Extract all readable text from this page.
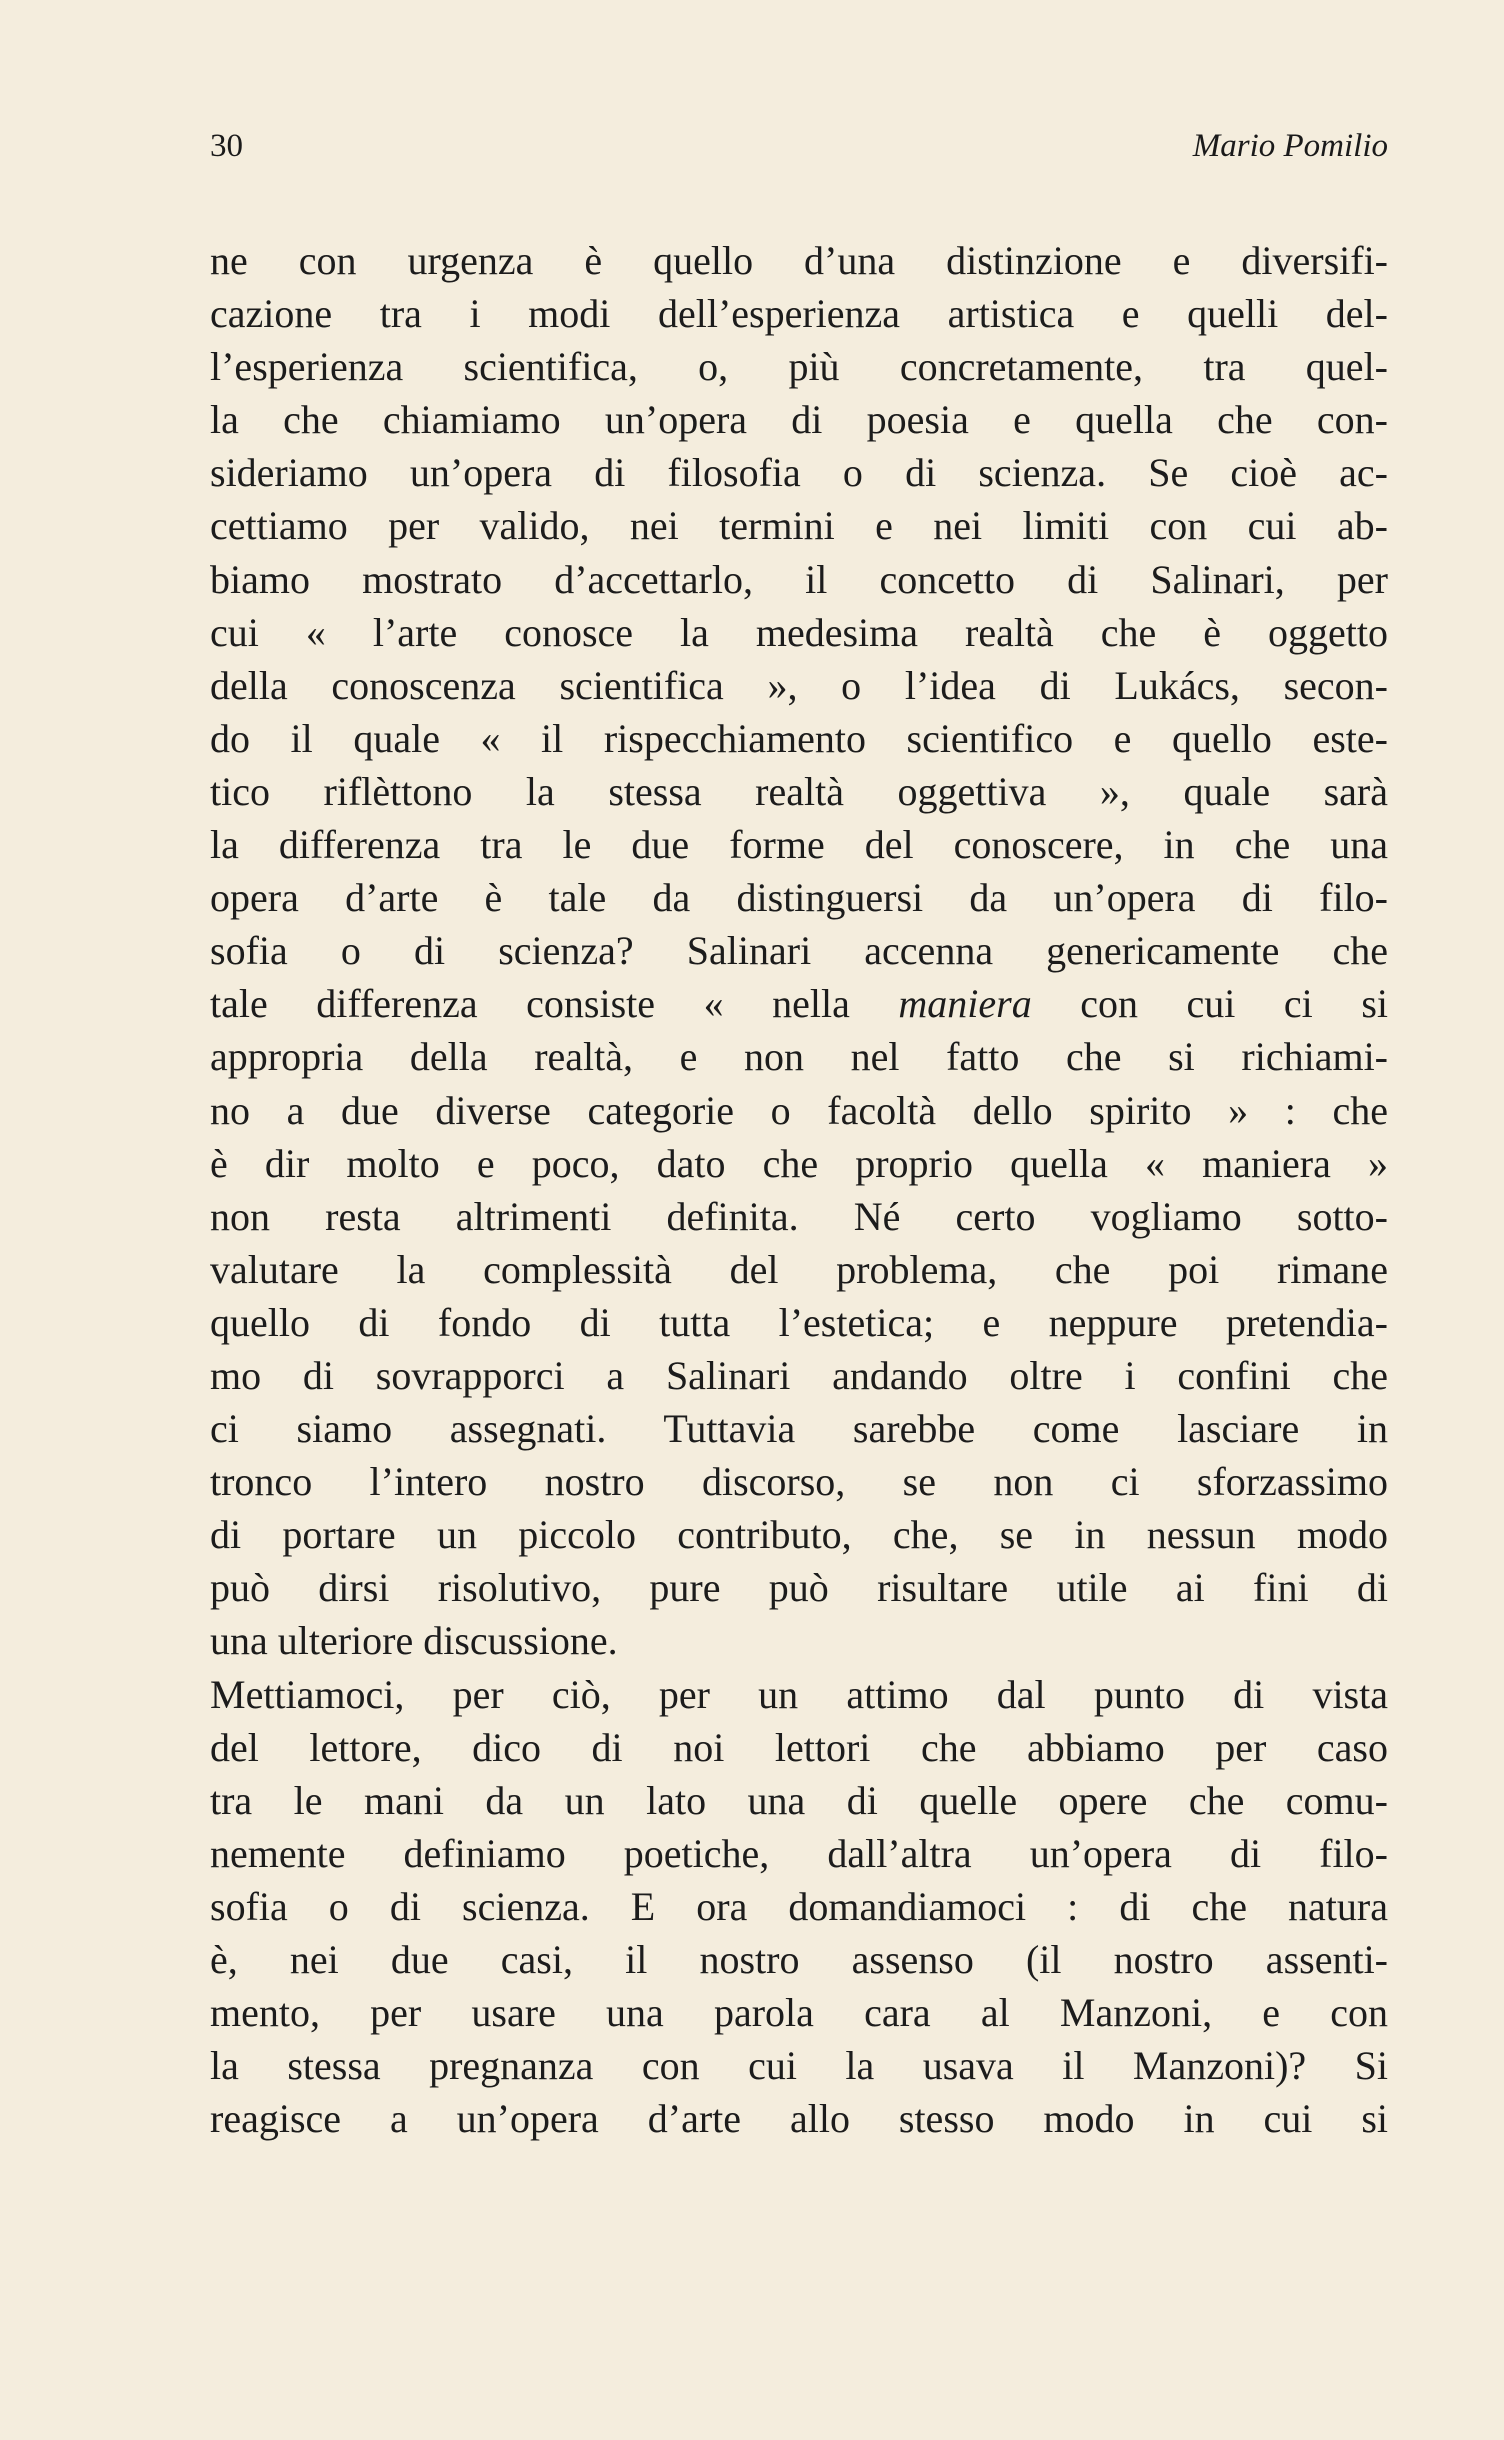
30	Mario Pomilio
ne con urgenza è quello d’una distinzione e diversifi-
cazione tra i modi dell’esperienza artistica e quelli del-
l’esperienza scientifica, o, più concretamente, tra quel-
la che chiamiamo un’opera di poesia e quella che con-
sideriamo un’opera di filosofia o di scienza. Se cioè ac-
cettiamo per valido, nei termini e nei limiti con cui ab-
biamo mostrato d’accettarlo, il concetto di Salinari, per
cui « l’arte conosce la medesima realtà che è oggetto
della conoscenza scientifica », o l’idea di Lukács, secon-
do il quale « il rispecchiamento scientifico e quello este-
tico riflèttono la stessa realtà oggettiva », quale sarà
la differenza tra le due forme del conoscere, in che una
opera d’arte è tale da distinguersi da un’opera di filo-
sofia o di scienza? Salinari accenna genericamente che
tale differenza consiste « nella maniera con cui ci si
appropria della realtà, e non nel fatto che si richiami-
no a due diverse categorie o facoltà dello spirito » : che
è dir molto e poco, dato che proprio quella « maniera »
non resta altrimenti definita. Né certo vogliamo sotto-
valutare la complessità del problema, che poi rimane
quello di fondo di tutta l’estetica; e neppure pretendia-
mo di sovrapporci a Salinari andando oltre i confini che
ci siamo assegnati. Tuttavia sarebbe come lasciare in
tronco l’intero nostro discorso, se non ci sforzassimo
di portare un piccolo contributo, che, se in nessun modo
può dirsi risolutivo, pure può risultare utile ai fini di
una ulteriore discussione.
Mettiamoci, per ciò, per un attimo dal punto di vista
del lettore, dico di noi lettori che abbiamo per caso
tra le mani da un lato una di quelle opere che comu-
nemente definiamo poetiche, dall’altra un’opera di filo-
sofia o di scienza. E ora domandiamoci : di che natura
è, nei due casi, il nostro assenso (il nostro assenti-
mento, per usare una parola cara al Manzoni, e con
la stessa pregnanza con cui la usava il Manzoni)? Si
reagisce a un’opera d’arte allo stesso modo in cui si
